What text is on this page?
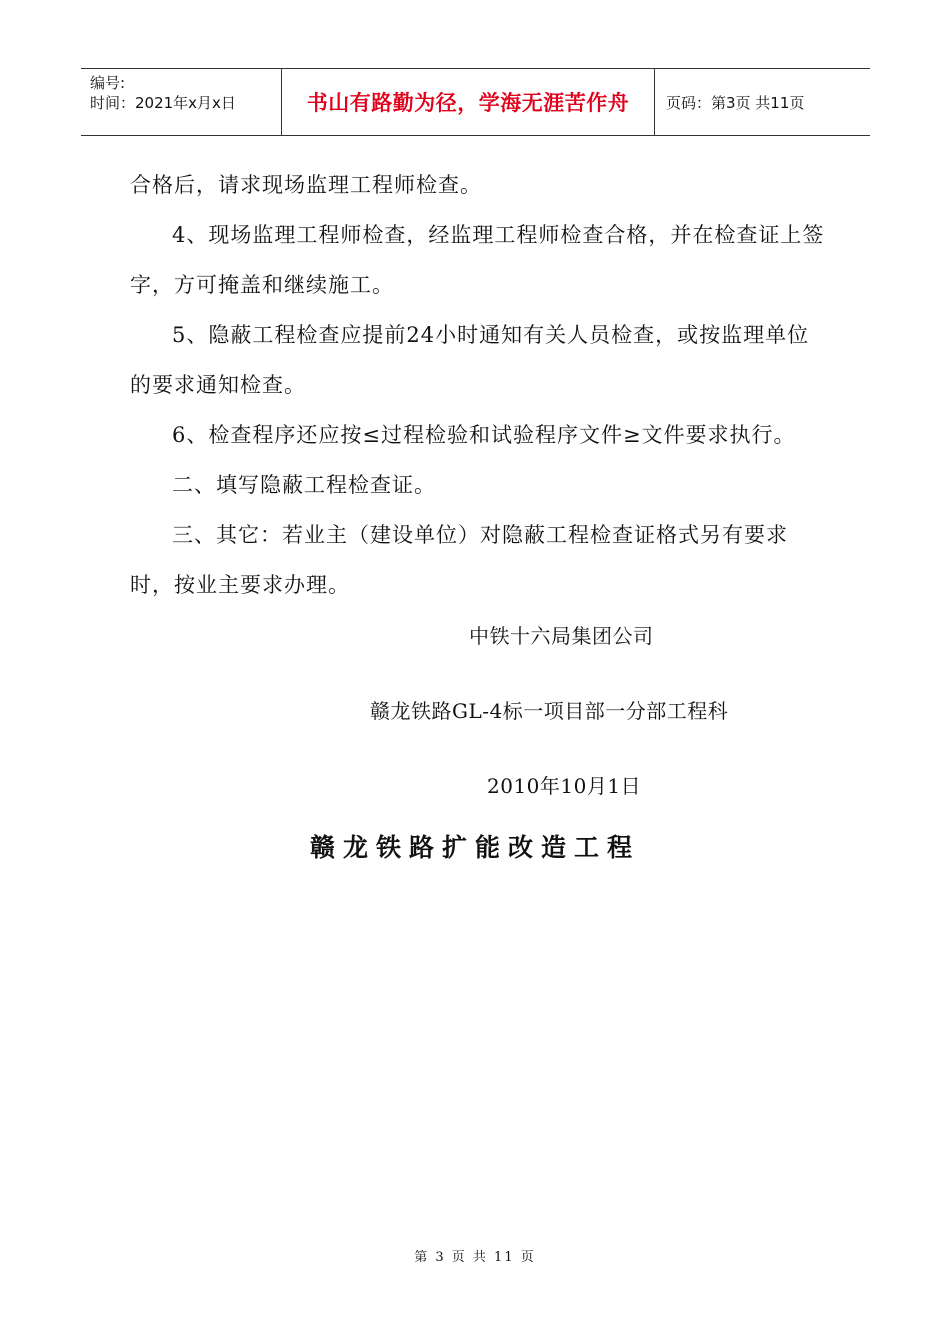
编号:
时间：2021年x月x日	书山有路勤为径，学海无涯苦作舟	页码：第3页 共11页

合格后，请求现场监理工程师检查。

4、现场监理工程师检查，经监理工程师检查合格，并在检查证上签字，方可掩盖和继续施工。

5、隐蔽工程检查应提前24小时通知有关人员检查，或按监理单位的要求通知检查。

6、检查程序还应按≤过程检验和试验程序文件≥文件要求执行。

二、填写隐蔽工程检查证。

三、其它：若业主（建设单位）对隐蔽工程检查证格式另有要求时，按业主要求办理。

中铁十六局集团公司

赣龙铁路GL-4标一项目部一分部工程科

2010年10月1日

赣龙铁路扩能改造工程
第 3 页 共 11 页
